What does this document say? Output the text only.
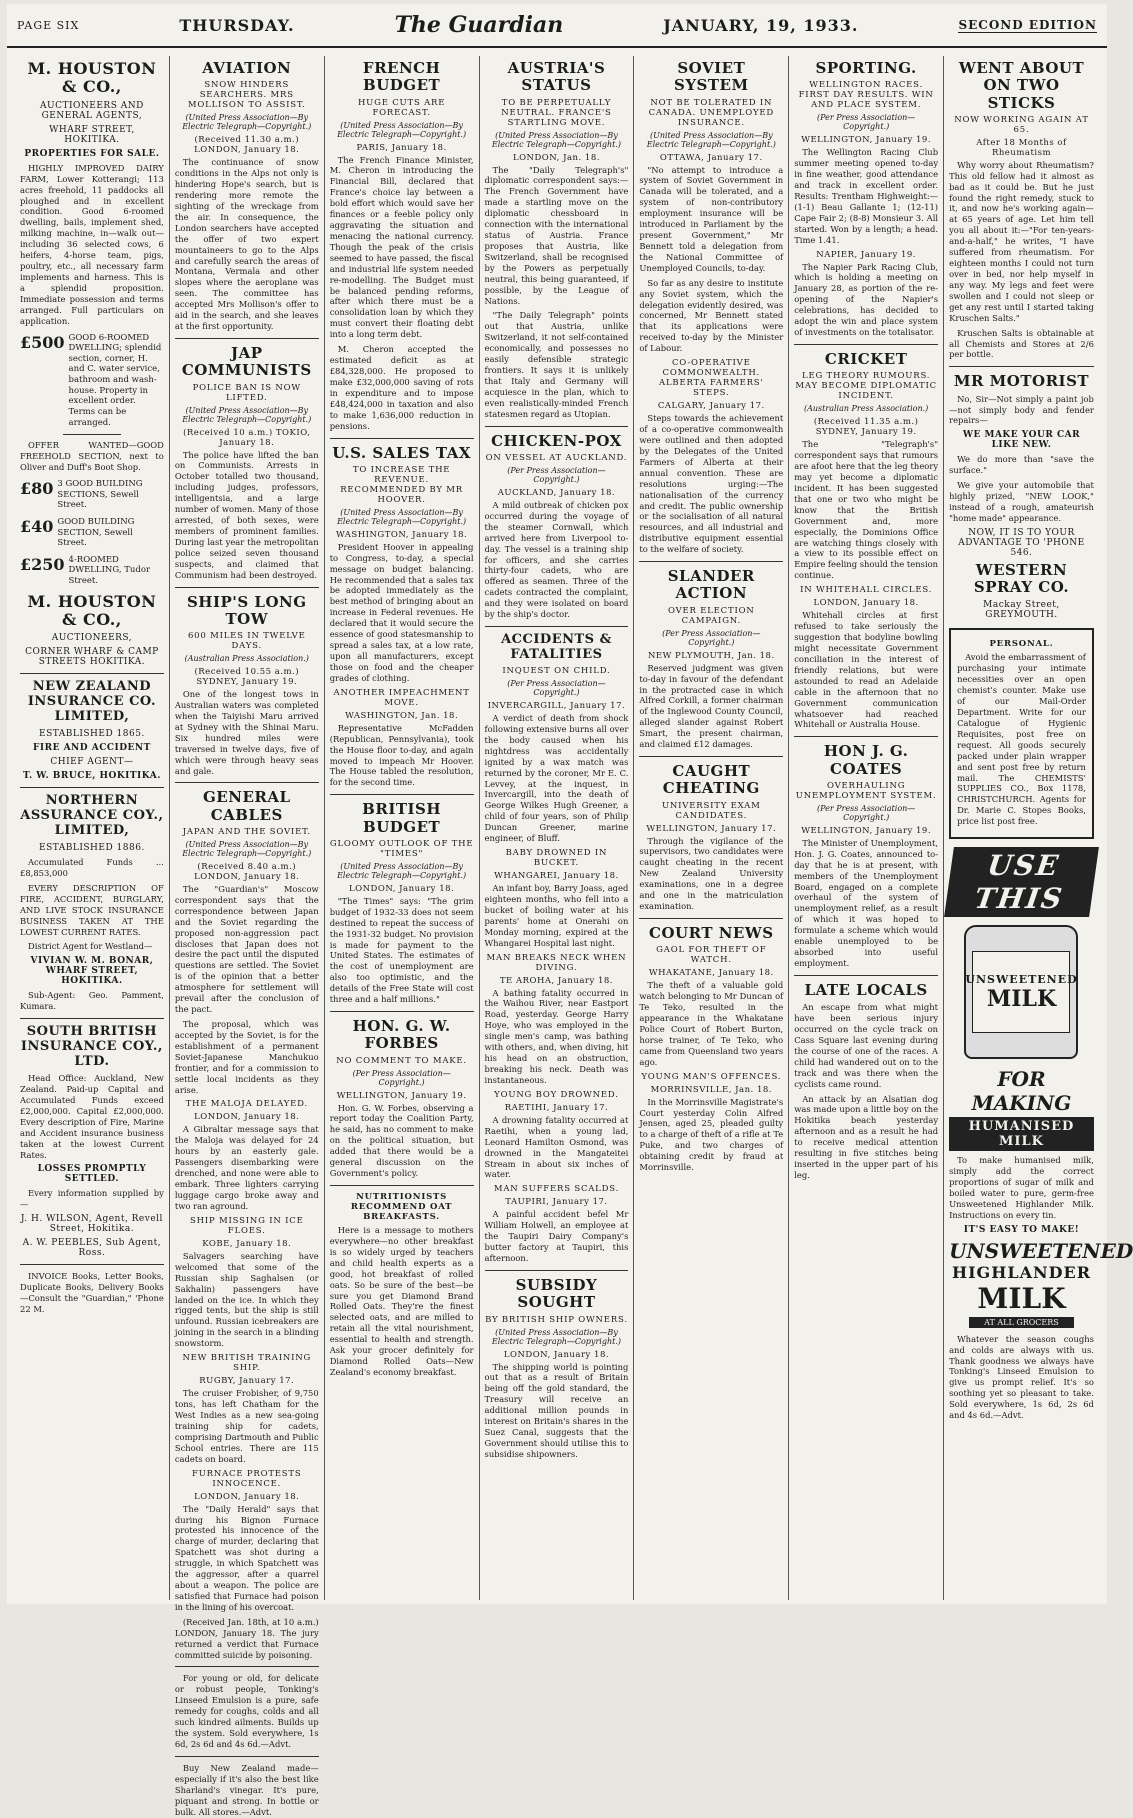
PAGE SIX	THURSDAY.	The Guardian	JANUARY, 19, 1933.	SECOND EDITION
M. HOUSTON & CO.,
AUCTIONEERS AND GENERAL AGENTS,
WHARF STREET, HOKITIKA.
PROPERTIES FOR SALE.
HIGHLY IMPROVED DAIRY FARM, Lower Kotterangi; 113 acres freehold, 11 paddocks all ploughed and in excellent condition. Good 6-roomed dwelling, bails, implement shed, milking machine, in—walk out—including 36 selected cows, 6 heifers, 4-horse team, pigs, poultry, etc., all necessary farm implements and harness. This is a splendid proposition. Immediate possession and terms arranged. Full particulars on application.
£500 GOOD 6-ROOMED DWELLING; splendid section, corner, H. and C. water service, bathroom and wash-house. Property in excellent order. Terms can be arranged.
OFFER WANTED—GOOD FREEHOLD SECTION, next to Oliver and Duff's Boot Shop.
£80 3 GOOD BUILDING SECTIONS, Sewell Street.
£40 GOOD BUILDING SECTION, Sewell Street.
£250 4-ROOMED DWELLING, Tudor Street.
M. HOUSTON & CO.,
AUCTIONEERS,
CORNER WHARF & CAMP STREETS HOKITIKA.
NEW ZEALAND INSURANCE CO. LIMITED,
ESTABLISHED 1865.
FIRE AND ACCIDENT
CHIEF AGENT—
T. W. BRUCE, HOKITIKA.
NORTHERN ASSURANCE COY., LIMITED,
ESTABLISHED 1886.
Accumulated Funds ... £8,853,000
EVERY DESCRIPTION OF FIRE, ACCIDENT, BURGLARY, AND LIVE STOCK INSURANCE BUSINESS TAKEN AT THE LOWEST CURRENT RATES.
District Agent for Westland—
VIVIAN W. M. BONAR, WHARF STREET, HOKITIKA.
Sub-Agent: Geo. Pamment, Kumara.
SOUTH BRITISH INSURANCE COY., LTD.
Head Office: Auckland, New Zealand. Paid-up Capital and Accumulated Funds exceed £2,000,000. Capital £2,000,000. Every description of Fire, Marine and Accident insurance business taken at the lowest Current Rates.
LOSSES PROMPTLY SETTLED.
Every information supplied by—
J. H. WILSON, Agent, Revell Street, Hokitika.
A. W. PEEBLES, Sub Agent, Ross.
INVOICE Books, Letter Books, Duplicate Books, Delivery Books—Consult the "Guardian," 'Phone 22 M.
AVIATION
SNOW HINDERS SEARCHERS. MRS MOLLISON TO ASSIST.
(United Press Association—By Electric Telegraph—Copyright.)
(Received 11.30 a.m.) LONDON, January 18.
The continuance of snow conditions in the Alps not only is hindering Hope's search, but is rendering more remote the sighting of the wreckage from the air. In consequence, the London searchers have accepted the offer of two expert mountaineers to go to the Alps and carefully search the areas of Montana, Vermala and other slopes where the aeroplane was seen. The committee has accepted Mrs Mollison's offer to aid in the search, and she leaves at the first opportunity.
JAP COMMUNISTS
POLICE BAN IS NOW LIFTED.
(United Press Association—By Electric Telegraph—Copyright.)
(Received 10 a.m.) TOKIO, January 18.
The police have lifted the ban on Communists. Arrests in October totalled two thousand, including judges, professors, intelligentsia, and a large number of women. Many of those arrested, of both sexes, were members of prominent families. During last year the metropolitan police seized seven thousand suspects, and claimed that Communism had been destroyed.
SHIP'S LONG TOW
600 MILES IN TWELVE DAYS.
(Australian Press Association.)
(Received 10.55 a.m.) SYDNEY, January 19.
One of the longest tows in Australian waters was completed when the Taiyishi Maru arrived at Sydney with the Shinai Maru. Six hundred miles were traversed in twelve days, five of which were through heavy seas and gale.
GENERAL CABLES
JAPAN AND THE SOVIET.
(United Press Association—By Electric Telegraph—Copyright.)
(Received 8.40 a.m.) LONDON, January 18.
The "Guardian's" Moscow correspondent says that the correspondence between Japan and the Soviet regarding the proposed non-aggression pact discloses that Japan does not desire the pact until the disputed questions are settled. The Soviet is of the opinion that a better atmosphere for settlement will prevail after the conclusion of the pact.
The proposal, which was accepted by the Soviet, is for the establishment of a permanent Soviet-Japanese Manchukuo frontier, and for a commission to settle local incidents as they arise.
THE MALOJA DELAYED.
LONDON, January 18.
A Gibraltar message says that the Maloja was delayed for 24 hours by an easterly gale. Passengers disembarking were drenched, and none were able to embark. Three lighters carrying luggage cargo broke away and two ran aground.
SHIP MISSING IN ICE FLOES.
KOBE, January 18.
Salvagers searching have welcomed that some of the Russian ship Saghalsen (or Sakhalin) passengers have landed on the ice. In which they rigged tents, but the ship is still unfound. Russian icebreakers are joining in the search in a blinding snowstorm.
NEW BRITISH TRAINING SHIP.
RUGBY, January 17.
The cruiser Frobisher, of 9,750 tons, has left Chatham for the West Indies as a new sea-going training ship for cadets, comprising Dartmouth and Public School entries. There are 115 cadets on board.
FURNACE PROTESTS INNOCENCE.
LONDON, January 18.
The "Daily Herald" says that during his Bignon Furnace protested his innocence of the charge of murder, declaring that Spatchett was shot during a struggle, in which Spatchett was the aggressor, after a quarrel about a weapon. The police are satisfied that Furnace had poison in the lining of his overcoat.
(Received Jan. 18th, at 10 a.m.) LONDON, January 18. The jury returned a verdict that Furnace committed suicide by poisoning.
For young or old, for delicate or robust people, Tonking's Linseed Emulsion is a pure, safe remedy for coughs, colds and all such kindred ailments. Builds up the system. Sold everywhere, 1s 6d, 2s 6d and 4s 6d.—Advt.
Buy New Zealand made—especially if it's also the best like Sharland's vinegar. It's pure, piquant and strong. In bottle or bulk. All stores.—Advt.
FRENCH BUDGET
HUGE CUTS ARE FORECAST.
(United Press Association—By Electric Telegraph—Copyright.)
PARIS, January 18.
The French Finance Minister, M. Cheron in introducing the Financial Bill, declared that France's choice lay between a bold effort which would save her finances or a feeble policy only aggravating the situation and menacing the national currency. Though the peak of the crisis seemed to have passed, the fiscal and industrial life system needed re-modelling. The Budget must be balanced pending reforms, after which there must be a consolidation loan by which they must convert their floating debt into a long term debt.
M. Cheron accepted the estimated deficit as at £84,328,000. He proposed to make £32,000,000 saving of rots in expenditure and to impose £48,424,000 in taxation and also to make 1,636,000 reduction in pensions.
U.S. SALES TAX
TO INCREASE THE REVENUE. RECOMMENDED BY MR HOOVER.
(United Press Association—By Electric Telegraph—Copyright.)
WASHINGTON, January 18.
President Hoover in appealing to Congress, to-day, a special message on budget balancing. He recommended that a sales tax be adopted immediately as the best method of bringing about an increase in Federal revenues. He declared that it would secure the essence of good statesmanship to spread a sales tax, at a low rate, upon all manufacturers, except those on food and the cheaper grades of clothing.
ANOTHER IMPEACHMENT MOVE.
WASHINGTON, Jan. 18.
Representative McFadden (Republican, Pennsylvania), took the House floor to-day, and again moved to impeach Mr Hoover. The House tabled the resolution, for the second time.
BRITISH BUDGET
GLOOMY OUTLOOK OF THE "TIMES"
(United Press Association—By Electric Telegraph—Copyright.)
LONDON, January 18.
"The Times" says: "The grim budget of 1932-33 does not seem destined to repeat the success of the 1931-32 budget. No provision is made for payment to the United States. The estimates of the cost of unemployment are also too optimistic, and the details of the Free State will cost three and a half millions."
HON. G. W. FORBES
NO COMMENT TO MAKE.
(Per Press Association—Copyright.)
WELLINGTON, January 19.
Hon. G. W. Forbes, observing a report today the Coalition Party, he said, has no comment to make on the political situation, but added that there would be a general discussion on the Government's policy.
NUTRITIONISTS RECOMMEND OAT BREAKFASTS.
Here is a message to mothers everywhere—no other breakfast is so widely urged by teachers and child health experts as a good, hot breakfast of rolled oats. So be sure of the best—be sure you get Diamond Brand Rolled Oats. They're the finest selected oats, and are milled to retain all the vital nourishment, essential to health and strength. Ask your grocer definitely for Diamond Rolled Oats—New Zealand's economy breakfast.
AUSTRIA'S STATUS
TO BE PERPETUALLY NEUTRAL. FRANCE'S STARTLING MOVE.
(United Press Association—By Electric Telegraph—Copyright.)
LONDON, Jan. 18.
The "Daily Telegraph's" diplomatic correspondent says:—The French Government have made a startling move on the diplomatic chessboard in connection with the international status of Austria. France proposes that Austria, like Switzerland, shall be recognised by the Powers as perpetually neutral, this being guaranteed, if possible, by the League of Nations.
"The Daily Telegraph" points out that Austria, unlike Switzerland, it not self-contained economically, and possesses no easily defensible strategic frontiers. It says it is unlikely that Italy and Germany will acquiesce in the plan, which to even realistically-minded French statesmen regard as Utopian.
CHICKEN-POX
ON VESSEL AT AUCKLAND.
(Per Press Association—Copyright.)
AUCKLAND, January 18.
A mild outbreak of chicken pox occurred during the voyage of the steamer Cornwall, which arrived here from Liverpool to-day. The vessel is a training ship for officers, and she carries thirty-four cadets, who are offered as seamen. Three of the cadets contracted the complaint, and they were isolated on board by the ship's doctor.
ACCIDENTS & FATALITIES
INQUEST ON CHILD.
(Per Press Association—Copyright.)
INVERCARGILL, January 17.
A verdict of death from shock following extensive burns all over the body caused when his nightdress was accidentally ignited by a wax match was returned by the coroner, Mr E. C. Levvey, at the inquest, in Invercargill, into the death of George Wilkes Hugh Greener, a child of four years, son of Philip Duncan Greener, marine engineer, of Bluff.
BABY DROWNED IN BUCKET.
WHANGAREI, January 18.
An infant boy, Barry Joass, aged eighteen months, who fell into a bucket of boiling water at his parents' home at Onerahi on Monday morning, expired at the Whangarei Hospital last night.
MAN BREAKS NECK WHEN DIVING.
TE AROHA, January 18.
A bathing fatality occurred in the Waihou River, near Eastport Road, yesterday. George Harry Hoye, who was employed in the single men's camp, was bathing with others, and, when diving, hit his head on an obstruction, breaking his neck. Death was instantaneous.
YOUNG BOY DROWNED.
RAETIHI, January 17.
A drowning fatality occurred at Raetihi, when a young lad, Leonard Hamilton Osmond, was drowned in the Mangateitei Stream in about six inches of water.
MAN SUFFERS SCALDS.
TAUPIRI, January 17.
A painful accident befel Mr William Holwell, an employee at the Taupiri Dairy Company's butter factory at Taupiri, this afternoon.
SUBSIDY SOUGHT
BY BRITISH SHIP OWNERS.
(United Press Association—By Electric Telegraph—Copyright.)
LONDON, January 18.
The shipping world is pointing out that as a result of Britain being off the gold standard, the Treasury will receive an additional million pounds in interest on Britain's shares in the Suez Canal, suggests that the Government should utilise this to subsidise shipowners.
SOVIET SYSTEM
NOT BE TOLERATED IN CANADA. UNEMPLOYED INSURANCE.
(United Press Association—By Electric Telegraph—Copyright.)
OTTAWA, January 17.
"No attempt to introduce a system of Soviet Government in Canada will be tolerated, and a system of non-contributory employment insurance will be introduced in Parliament by the present Government," Mr Bennett told a delegation from the National Committee of Unemployed Councils, to-day.
So far as any desire to institute any Soviet system, which the delegation evidently desired, was concerned, Mr Bennett stated that its applications were received to-day by the Minister of Labour.
CO-OPERATIVE COMMONWEALTH. ALBERTA FARMERS' STEPS.
CALGARY, January 17.
Steps towards the achievement of a co-operative commonwealth were outlined and then adopted by the Delegates of the United Farmers of Alberta at their annual convention. These are resolutions urging:—The nationalisation of the currency and credit. The public ownership or the socialisation of all natural resources, and all industrial and distributive equipment essential to the welfare of society.
SLANDER ACTION
OVER ELECTION CAMPAIGN.
(Per Press Association—Copyright.)
NEW PLYMOUTH, Jan. 18.
Reserved judgment was given to-day in favour of the defendant in the protracted case in which Alfred Corkill, a former chairman of the Inglewood County Council, alleged slander against Robert Smart, the present chairman, and claimed £12 damages.
CAUGHT CHEATING
UNIVERSITY EXAM CANDIDATES.
WELLINGTON, January 17.
Through the vigilance of the supervisors, two candidates were caught cheating in the recent New Zealand University examinations, one in a degree and one in the matriculation examination.
COURT NEWS
GAOL FOR THEFT OF WATCH.
WHAKATANE, January 18.
The theft of a valuable gold watch belonging to Mr Duncan of Te Teko, resulted in the appearance in the Whakatane Police Court of Robert Burton, horse trainer, of Te Teko, who came from Queensland two years ago.
YOUNG MAN'S OFFENCES.
MORRINSVILLE, Jan. 18.
In the Morrinsville Magistrate's Court yesterday Colin Alfred Jensen, aged 25, pleaded guilty to a charge of theft of a rifle at Te Puke, and two charges of obtaining credit by fraud at Morrinsville.
SPORTING.
WELLINGTON RACES. FIRST DAY RESULTS. WIN AND PLACE SYSTEM.
(Per Press Association—Copyright.)
WELLINGTON, January 19.
The Wellington Racing Club summer meeting opened to-day in fine weather, good attendance and track in excellent order. Results: Trentham Highweight:—(1-1) Beau Gallante 1; (12-11) Cape Fair 2; (8-8) Monsieur 3. All started. Won by a length; a head. Time 1.41.
NAPIER, January 19.
The Napier Park Racing Club, which is holding a meeting on January 28, as portion of the re-opening of the Napier's celebrations, has decided to adopt the win and place system of investments on the totalisator.
CRICKET
LEG THEORY RUMOURS. MAY BECOME DIPLOMATIC INCIDENT.
(Australian Press Association.)
(Received 11.35 a.m.) SYDNEY, January 19.
The "Telegraph's" correspondent says that rumours are afoot here that the leg theory may yet become a diplomatic incident. It has been suggested that one or two who might be know that the British Government and, more especially, the Dominions Office are watching things closely with a view to its possible effect on Empire feeling should the tension continue.
IN WHITEHALL CIRCLES.
LONDON, January 18.
Whitehall circles at first refused to take seriously the suggestion that bodyline bowling might necessitate Government conciliation in the interest of friendly relations, but were astounded to read an Adelaide cable in the afternoon that no Government communication whatsoever had reached Whitehall or Australia House.
HON J. G. COATES
OVERHAULING UNEMPLOYMENT SYSTEM.
(Per Press Association—Copyright.)
WELLINGTON, January 19.
The Minister of Unemployment, Hon. J. G. Coates, announced to-day that he is at present, with members of the Unemployment Board, engaged on a complete overhaul of the system of unemployment relief, as a result of which it was hoped to formulate a scheme which would enable unemployed to be absorbed into useful employment.
LATE LOCALS
An escape from what might have been serious injury occurred on the cycle track on Cass Square last evening during the course of one of the races. A child had wandered out on to the track and was there when the cyclists came round.
An attack by an Alsatian dog was made upon a little boy on the Hokitika beach yesterday afternoon and as a result he had to receive medical attention resulting in five stitches being inserted in the upper part of his leg.
WENT ABOUT ON TWO STICKS
NOW WORKING AGAIN AT 65.
After 18 Months of Rheumatism
Why worry about Rheumatism? This old fellow had it almost as bad as it could be. But he just found the right remedy, stuck to it, and now he's working again—at 65 years of age. Let him tell you all about it:—"For ten-years-and-a-half," he writes, "I have suffered from rheumatism. For eighteen months I could not turn over in bed, nor help myself in any way. My legs and feet were swollen and I could not sleep or get any rest until I started taking Kruschen Salts."
Kruschen Salts is obtainable at all Chemists and Stores at 2/6 per bottle.
MR MOTORIST
No, Sir—Not simply a paint job—not simply body and fender repairs—
WE MAKE YOUR CAR LIKE NEW.
We do more than "save the surface."
We give your automobile that highly prized, "NEW LOOK," instead of a rough, amateurish "home made" appearance.
NOW, IT IS TO YOUR ADVANTAGE TO 'PHONE 546.
WESTERN SPRAY CO.
Mackay Street, GREYMOUTH.
PERSONAL.
Avoid the embarrassment of purchasing your intimate necessities over an open chemist's counter. Make use of our Mail-Order Department. Write for our Catalogue of Hygienic Requisites, post free on request. All goods securely packed under plain wrapper and sent post free by return mail. The CHEMISTS' SUPPLIES CO., Box 1178, CHRISTCHURCH. Agents for Dr. Marie C. Stopes Books, price list post free.
USE THIS
UNSWEETENED
MILK
FOR MAKING
HUMANISED MILK
To make humanised milk, simply add the correct proportions of sugar of milk and boiled water to pure, germ-free Unsweetened Highlander Milk. Instructions on every tin.
IT'S EASY TO MAKE!
UNSWEETENED
HIGHLANDER
MILK
AT ALL GROCERS
Whatever the season coughs and colds are always with us. Thank goodness we always have Tonking's Linseed Emulsion to give us prompt relief. It's so soothing yet so pleasant to take. Sold everywhere, 1s 6d, 2s 6d and 4s 6d.—Advt.
